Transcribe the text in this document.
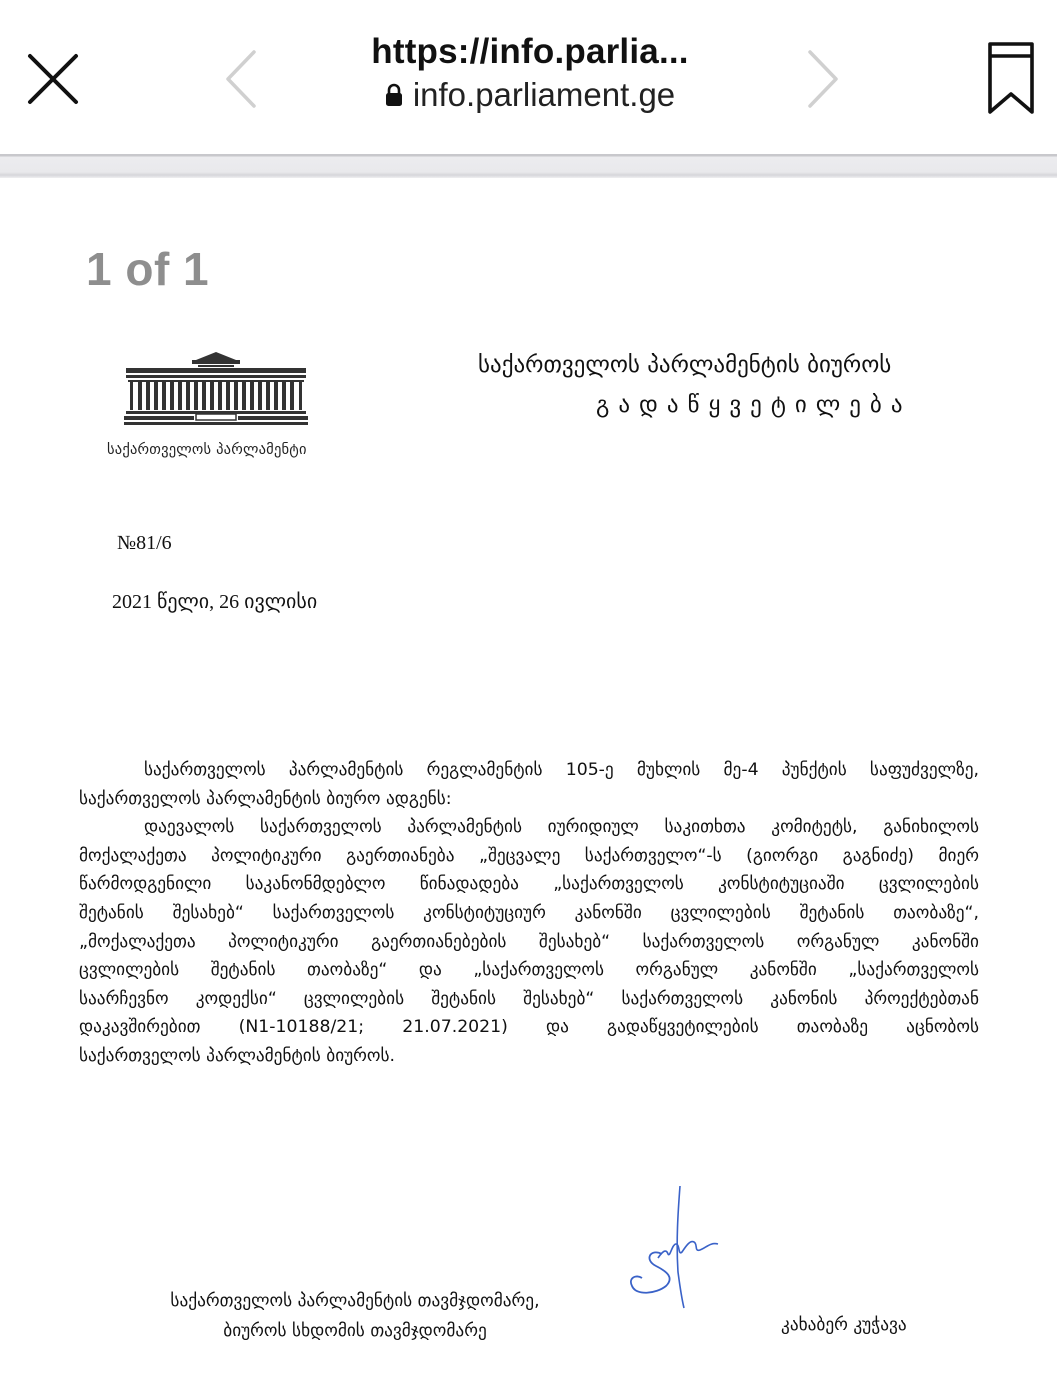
https://info.parlia...
info.parliament.ge
1 of 1
საქართველოს პარლამენტი
საქართველოს პარლამენტის ბიუროს
გადაწყვეტილება
№81/6
2021 წელი, 26 ივლისი

საქართველოს პარლამენტის რეგლამენტის 105-ე მუხლის მე-4 პუნქტის საფუძველზე,

საქართველოს პარლამენტის ბიურო ადგენს:

დაევალოს საქართველოს პარლამენტის იურიდიულ საკითხთა კომიტეტს, განიხილოს

მოქალაქეთა პოლიტიკური გაერთიანება „შეცვალე საქართველო“-ს (გიორგი გაგნიძე) მიერ

წარმოდგენილი საკანონმდებლო წინადადება „საქართველოს კონსტიტუციაში ცვლილების

შეტანის შესახებ“ საქართველოს კონსტიტუციურ კანონში ცვლილების შეტანის თაობაზე“,

„მოქალაქეთა პოლიტიკური გაერთიანებების შესახებ“ საქართველოს ორგანულ კანონში

ცვლილების შეტანის თაობაზე“ და „საქართველოს ორგანულ კანონში „საქართველოს

საარჩევნო კოდექსი“ ცვლილების შეტანის შესახებ“ საქართველოს კანონის პროექტებთან

დაკავშირებით (N1-10188/21; 21.07.2021) და გადაწყვეტილების თაობაზე აცნობოს

საქართველოს პარლამენტის ბიუროს.

საქართველოს პარლამენტის თავმჯდომარე,
ბიუროს სხდომის თავმჯდომარე	კახაბერ კუჭავა
